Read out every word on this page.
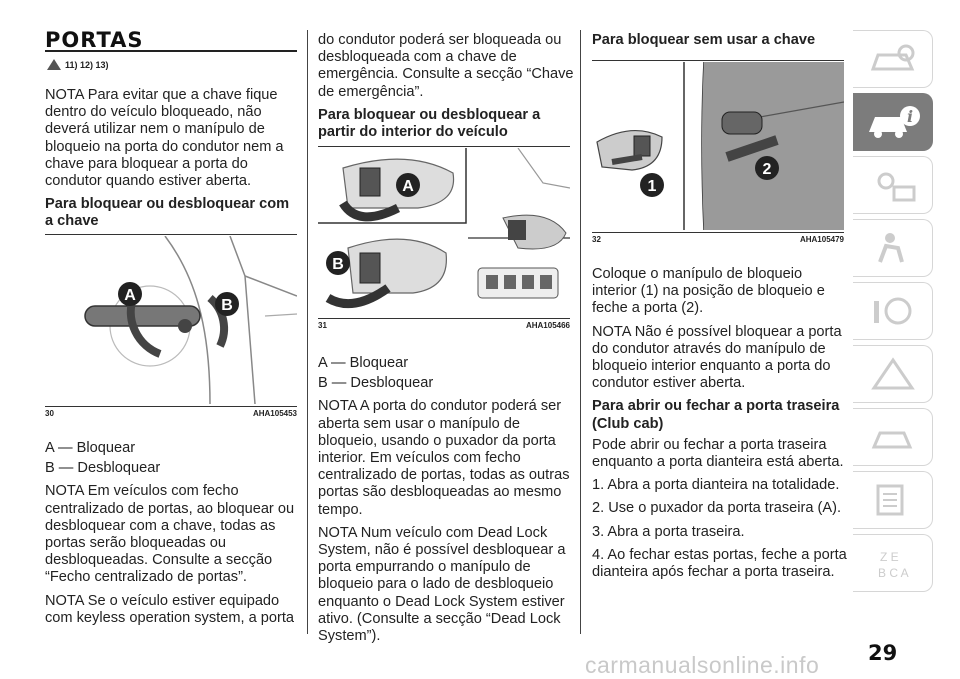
PORTAS
11) 12) 13)

NOTA Para evitar que a chave fique dentro do veículo bloqueado, não deverá utilizar nem o manípulo de bloqueio na porta do condutor nem a chave para bloquear a porta do condutor quando estiver aberta.

Para bloquear ou desbloquear com a chave

A
B
30	AHA105453

A — Bloquear

B — Desbloquear

NOTA Em veículos com fecho centralizado de portas, ao bloquear ou desbloquear com a chave, todas as portas serão bloqueadas ou desbloqueadas. Consulte a secção “Fecho centralizado de portas”.

NOTA Se o veículo estiver equipado com keyless operation system, a porta

do condutor poderá ser bloqueada ou desbloqueada com a chave de emergência. Consulte a secção “Chave de emergência”.

Para bloquear ou desbloquear a partir do interior do veículo

A
B
31	AHA105466

A — Bloquear

B — Desbloquear

NOTA A porta do condutor poderá ser aberta sem usar o manípulo de bloqueio, usando o puxador da porta interior. Em veículos com fecho centralizado de portas, todas as outras portas são desbloqueadas ao mesmo tempo.

NOTA Num veículo com Dead Lock System, não é possível desbloquear a porta empurrando o manípulo de bloqueio para o lado de desbloqueio enquanto o Dead Lock System estiver ativo. (Consulte a secção “Dead Lock System”).

Para bloquear sem usar a chave

1
2
32	AHA105479

Coloque o manípulo de bloqueio interior (1) na posição de bloqueio e feche a porta (2).

NOTA Não é possível bloquear a porta do condutor através do manípulo de bloqueio interior enquanto a porta do condutor estiver aberta.

Para abrir ou fechar a porta traseira (Club cab)

Pode abrir ou fechar a porta traseira enquanto a porta dianteira está aberta.

1. Abra a porta dianteira na totalidade.

2. Use o puxador da porta traseira (A).

3. Abra a porta traseira.

4. Ao fechar estas portas, feche a porta dianteira após fechar a porta traseira.

i
Z E
B C A
29
carmanualsonline.info
